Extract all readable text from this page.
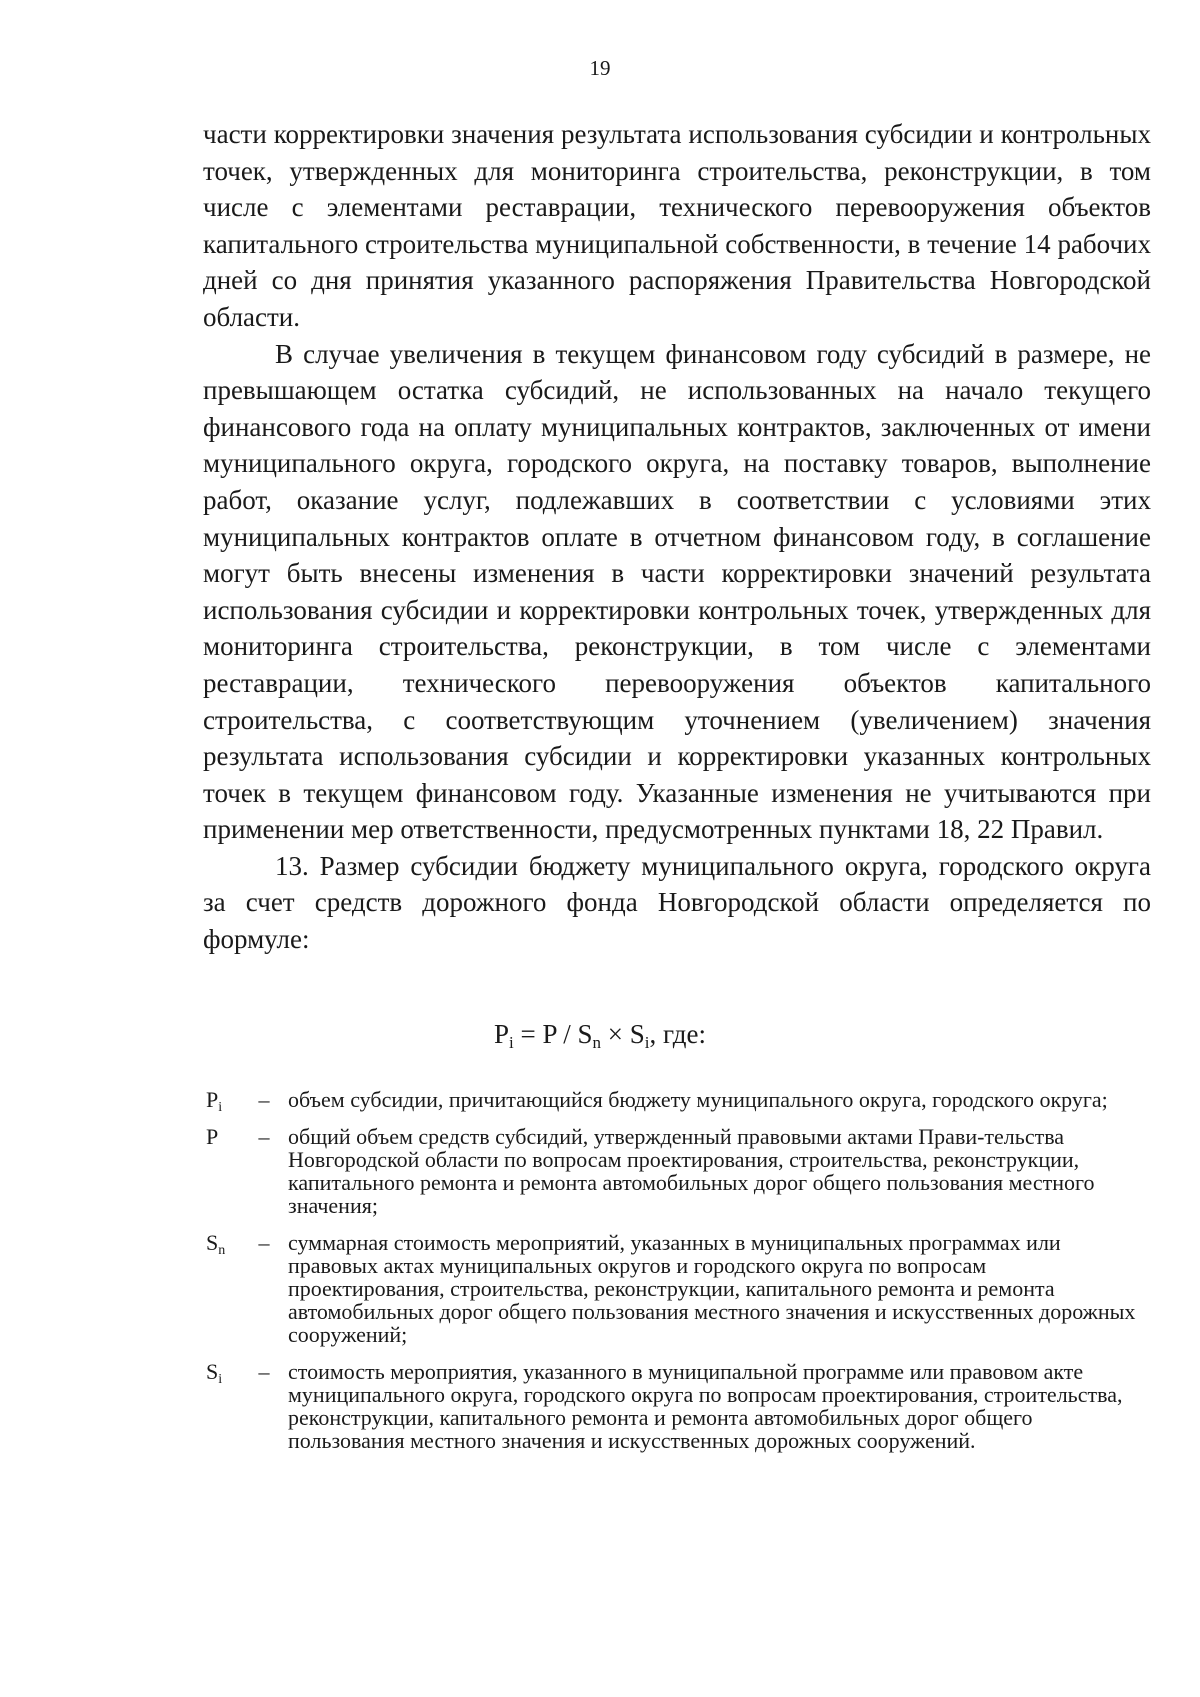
19

части корректировки значения результата использования субсидии и контрольных точек, утвержденных для мониторинга строительства, реконструкции, в том числе с элементами реставрации, технического перевооружения объектов капитального строительства муниципальной собственности, в течение 14 рабочих дней со дня принятия указанного распоряжения Правительства Новгородской области.

В случае увеличения в текущем финансовом году субсидий в размере, не превышающем остатка субсидий, не использованных на начало текущего финансового года на оплату муниципальных контрактов, заключенных от имени муниципального округа, городского округа, на поставку товаров, выполнение работ, оказание услуг, подлежавших в соответствии с условиями этих муниципальных контрактов оплате в отчетном финансовом году, в соглашение могут быть внесены изменения в части корректировки значений результата использования субсидии и корректировки контрольных точек, утвержденных для мониторинга строительства, реконструкции, в том числе с элементами реставрации, технического перевооружения объектов капитального строительства, с соответствующим уточнением (увеличением) значения результата использования субсидии и корректировки указанных контрольных точек в текущем финансовом году. Указанные изменения не учитываются при применении мер ответственности, предусмотренных пунктами 18, 22 Правил.

13. Размер субсидии бюджету муниципального округа, городского округа за счет средств дорожного фонда Новгородской области определяется по формуле:

$P_i = P / S_n \times S_i$, где:
$P_i$	– объем субсидии, причитающийся бюджету муниципального округа, городского округа;
P	– общий объем средств субсидий, утвержденный правовыми актами Прави-тельства Новгородской области по вопросам проектирования, строительства, реконструкции, капитального ремонта и ремонта автомобильных дорог общего пользования местного значения;
$S_n$	– суммарная стоимость мероприятий, указанных в муниципальных программах или правовых актах муниципальных округов и городского округа по вопросам проектирования, строительства, реконструкции, капитального ремонта и ремонта автомобильных дорог общего пользования местного значения и искусственных дорожных сооружений;
$S_i$	– стоимость мероприятия, указанного в муниципальной программе или правовом акте муниципального округа, городского округа по вопросам проектирования, строительства, реконструкции, капитального ремонта и ремонта автомобильных дорог общего пользования местного значения и искусственных дорожных сооружений.
